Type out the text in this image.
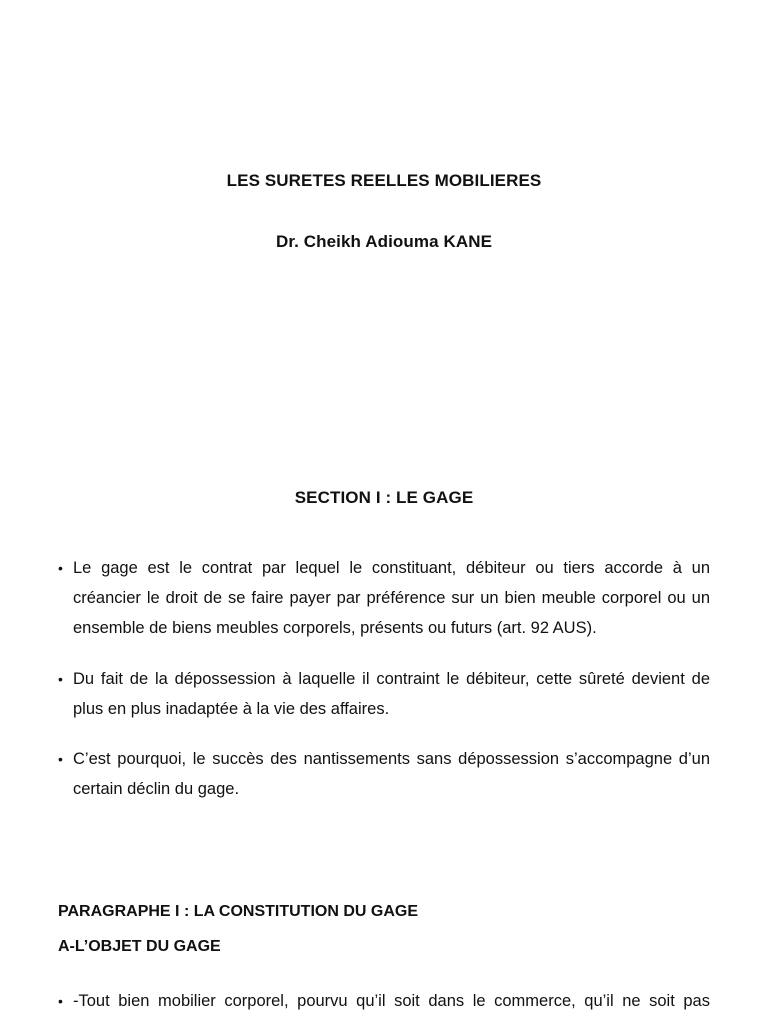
LES SURETES REELLES MOBILIERES
Dr. Cheikh Adiouma KANE
SECTION I : LE GAGE
• Le gage est le contrat par lequel le constituant, débiteur ou tiers accorde à un créancier le droit de se faire payer par préférence sur un bien meuble corporel ou un ensemble de biens meubles corporels, présents ou futurs (art. 92 AUS).
• Du fait de la dépossession à laquelle il contraint le débiteur, cette sûreté devient de plus en plus inadaptée à la vie des affaires.
• C’est pourquoi, le succès des nantissements sans dépossession s’accompagne d’un certain déclin du gage.
PARAGRAPHE I : LA CONSTITUTION DU GAGE
A-L’OBJET DU GAGE
• -Tout bien mobilier corporel, pourvu qu’il soit dans le commerce, qu’il ne soit pas
